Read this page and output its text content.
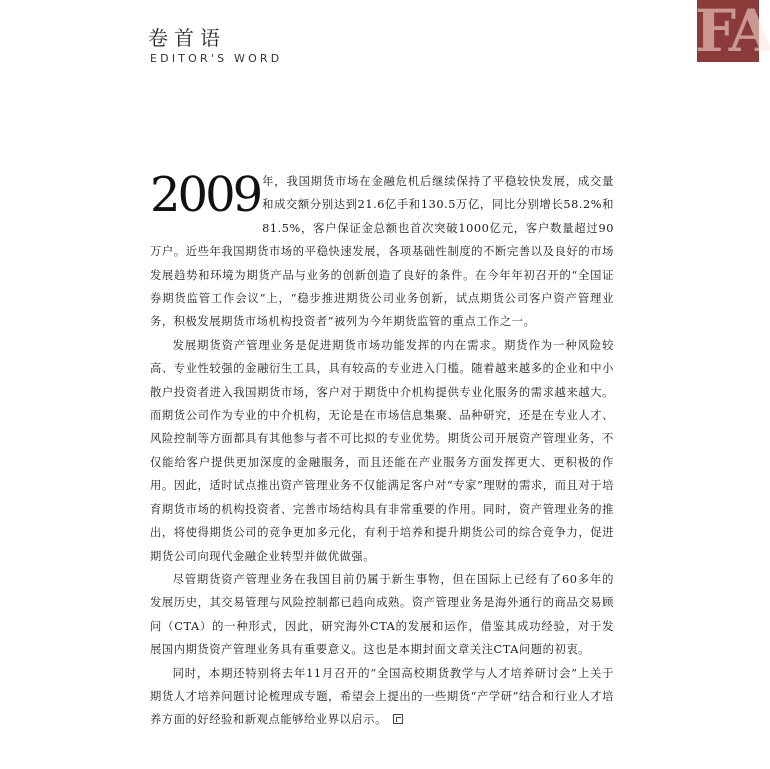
卷首语
EDITOR'S WORD	FA

2009 年，我国期货市场在金融危机后继续保持了平稳较快发展，成交量和成交额分别达到21.6亿手和130.5万亿，同比分别增长58.2%和81.5%，客户保证金总额也首次突破1000亿元，客户数量超过90万户。近些年我国期货市场的平稳快速发展，各项基础性制度的不断完善以及良好的市场发展趋势和环境为期货产品与业务的创新创造了良好的条件。在今年年初召开的“全国证券期货监管工作会议”上，“稳步推进期货公司业务创新，试点期货公司客户资产管理业务，积极发展期货市场机构投资者”被列为今年期货监管的重点工作之一。

发展期货资产管理业务是促进期货市场功能发挥的内在需求。期货作为一种风险较高、专业性较强的金融衍生工具，具有较高的专业进入门槛。随着越来越多的企业和中小散户投资者进入我国期货市场，客户对于期货中介机构提供专业化服务的需求越来越大。而期货公司作为专业的中介机构，无论是在市场信息集聚、品种研究，还是在专业人才、风险控制等方面都具有其他参与者不可比拟的专业优势。期货公司开展资产管理业务，不仅能给客户提供更加深度的金融服务，而且还能在产业服务方面发挥更大、更积极的作用。因此，适时试点推出资产管理业务不仅能满足客户对“专家”理财的需求，而且对于培育期货市场的机构投资者、完善市场结构具有非常重要的作用。同时，资产管理业务的推出，将使得期货公司的竞争更加多元化，有利于培养和提升期货公司的综合竞争力，促进期货公司向现代金融企业转型并做优做强。

尽管期货资产管理业务在我国目前仍属于新生事物，但在国际上已经有了60多年的发展历史，其交易管理与风险控制都已趋向成熟。资产管理业务是海外通行的商品交易顾问（CTA）的一种形式，因此，研究海外CTA的发展和运作，借鉴其成功经验，对于发展国内期货资产管理业务具有重要意义。这也是本期封面文章关注CTA问题的初衷。

同时，本期还特别将去年11月召开的“全国高校期货教学与人才培养研讨会”上关于期货人才培养问题讨论梳理成专题，希望会上提出的一些期货“产学研”结合和行业人才培养方面的好经验和新观点能够给业界以启示。
